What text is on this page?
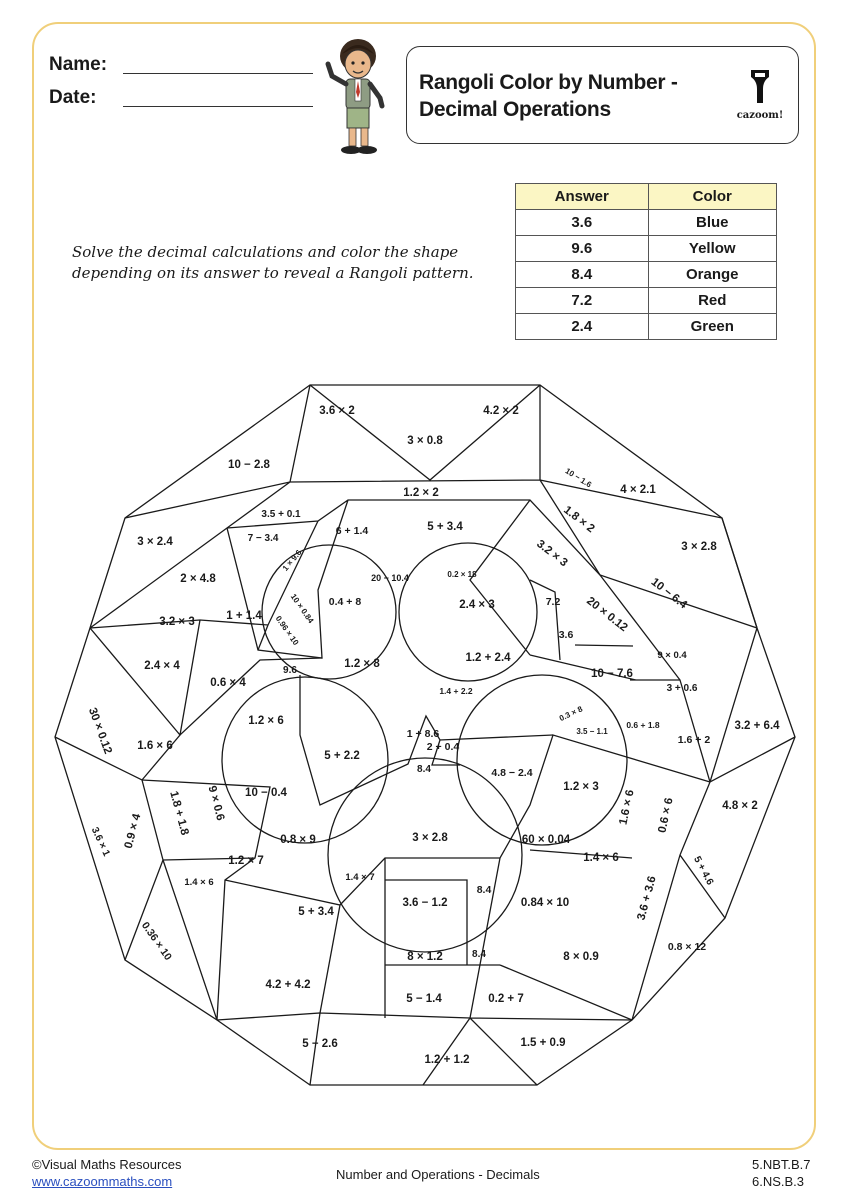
Name:
Date:
Rangoli Color by Number -
Decimal Operations	cazoom!
Solve the decimal calculations and color the shape
depending on its answer to reveal a Rangoli pattern.
Answer	Color
3.6	Blue
9.6	Yellow
8.4	Orange
7.2	Red
2.4	Green
3.6 × 2	4.2 × 2
3 × 0.8
10 − 2.8
1.2 × 2
10 − 1.6
4 × 2.1
3.5 + 0.1
6 + 1.4	5 + 3.4	1.8 × 2
3 × 2.4	7 − 3.4	3.2 × 3	3 × 2.8
1 × 9.6
20 − 10.4	0.2 × 18
2 × 4.8
0.4 + 8
10 × 0.84	10 − 6.4
3.2 × 3	1 + 1.4
2.4 × 3	7.2 20 × 0.12
0.96 × 10	3.6
1.2 × 8	1.2 + 2.4	9 × 0.4
2.4 × 4
0.6 × 4
9.6	10 − 7.6
1.4 + 2.2	3 + 0.6
0.3 × 8
30 × 0.12	1.2 × 6	0.6 + 1.8
3.5 − 1.1	3.2 + 6.4
1 + 8.6
1.6 × 6
5 + 2.2
2 + 0.4
1.6 + 2
8.4	4.8 − 2.4
10 − 0.4	1.2 × 3
4.8 × 2
1.8 + 1.8 9 × 0.6	1.6 × 6 0.6 × 6
0.9 × 4
3.6 × 1	0.8 × 9	3 × 2.8	60 × 0.04
1.2 × 7	1.4 × 6	5 + 4.6
1.4 × 6	1.4 × 7
8.4
5 + 3.4
3.6 − 1.2	0.84 × 10	3.6 + 3.6
0.36 × 10	0.8 × 12
8 × 1.2	8.4	8 × 0.9
4.2 + 4.2
5 − 1.4	0.2 + 7
5 − 2.6	1.5 + 0.9
1.2 + 1.2
©Visual Maths Resources
www.cazoommaths.com	Number and Operations - Decimals
5.NBT.B.7
6.NS.B.3
